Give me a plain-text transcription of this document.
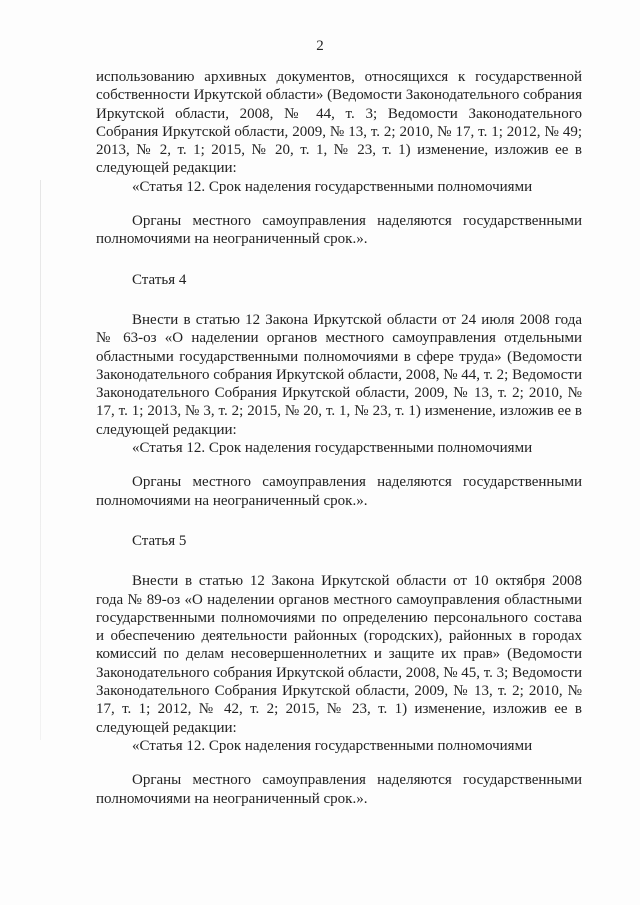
2

использованию архивных документов, относящихся к государственной собственности Иркутской области» (Ведомости Законодательного собрания Иркутской области, 2008, № 44, т. 3; Ведомости Законодательного Собрания Иркутской области, 2009, № 13, т. 2; 2010, № 17, т. 1; 2012, № 49; 2013, № 2, т. 1; 2015, № 20, т. 1, № 23, т. 1) изменение, изложив ее в следующей редакции:

«Статья 12. Срок наделения государственными полномочиями

Органы местного самоуправления наделяются государственными полномочиями на неограниченный срок.».

Статья 4

Внести в статью 12 Закона Иркутской области от 24 июля 2008 года № 63-оз «О наделении органов местного самоуправления отдельными областными государственными полномочиями в сфере труда» (Ведомости Законодательного собрания Иркутской области, 2008, № 44, т. 2; Ведомости Законодательного Собрания Иркутской области, 2009, № 13, т. 2; 2010, № 17, т. 1; 2013, № 3, т. 2; 2015, № 20, т. 1, № 23, т. 1) изменение, изложив ее в следующей редакции:

«Статья 12. Срок наделения государственными полномочиями

Органы местного самоуправления наделяются государственными полномочиями на неограниченный срок.».

Статья 5

Внести в статью 12 Закона Иркутской области от 10 октября 2008 года № 89-оз «О наделении органов местного самоуправления областными государственными полномочиями по определению персонального состава и обеспечению деятельности районных (городских), районных в городах комиссий по делам несовершеннолетних и защите их прав» (Ведомости Законодательного собрания Иркутской области, 2008, № 45, т. 3; Ведомости Законодательного Собрания Иркутской области, 2009, № 13, т. 2; 2010, № 17, т. 1; 2012, № 42, т. 2; 2015, № 23, т. 1) изменение, изложив ее в следующей редакции:

«Статья 12. Срок наделения государственными полномочиями

Органы местного самоуправления наделяются государственными полномочиями на неограниченный срок.».
